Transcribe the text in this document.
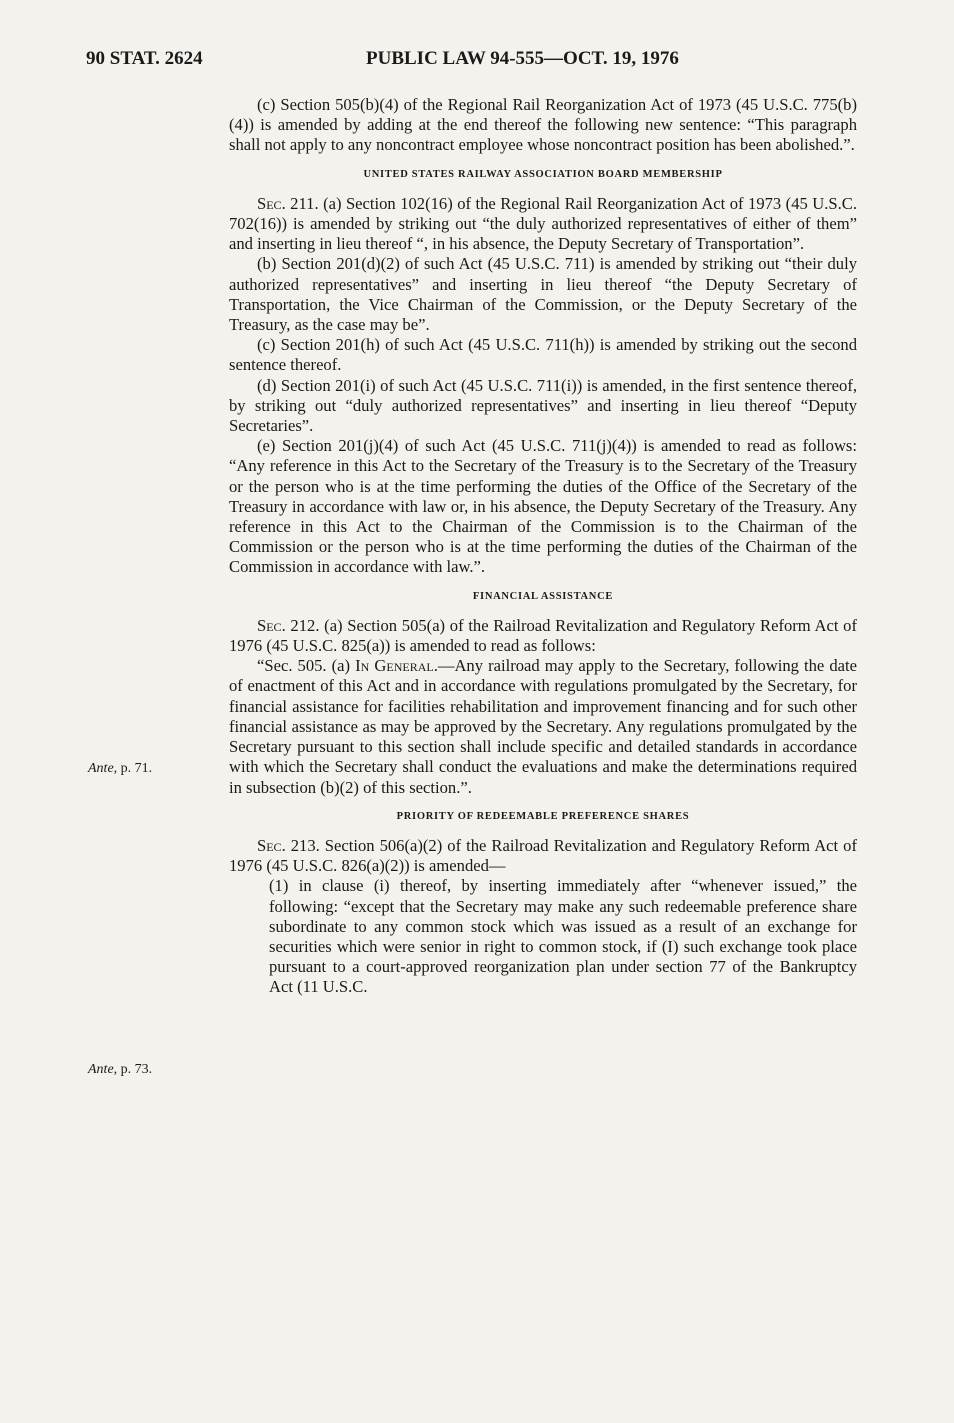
90 STAT. 2624	PUBLIC LAW 94-555—OCT. 19, 1976
Ante, p. 71.
Ante, p. 73.

(c) Section 505(b)(4) of the Regional Rail Reorganization Act of 1973 (45 U.S.C. 775(b)(4)) is amended by adding at the end thereof the following new sentence: “This paragraph shall not apply to any noncontract employee whose noncontract position has been abolished.”.

UNITED STATES RAILWAY ASSOCIATION BOARD MEMBERSHIP

Sec. 211. (a) Section 102(16) of the Regional Rail Reorganization Act of 1973 (45 U.S.C. 702(16)) is amended by striking out “the duly authorized representatives of either of them” and inserting in lieu thereof “, in his absence, the Deputy Secretary of Transportation”.

(b) Section 201(d)(2) of such Act (45 U.S.C. 711) is amended by striking out “their duly authorized representatives” and inserting in lieu thereof “the Deputy Secretary of Transportation, the Vice Chairman of the Commission, or the Deputy Secretary of the Treasury, as the case may be”.

(c) Section 201(h) of such Act (45 U.S.C. 711(h)) is amended by striking out the second sentence thereof.

(d) Section 201(i) of such Act (45 U.S.C. 711(i)) is amended, in the first sentence thereof, by striking out “duly authorized representatives” and inserting in lieu thereof “Deputy Secretaries”.

(e) Section 201(j)(4) of such Act (45 U.S.C. 711(j)(4)) is amended to read as follows: “Any reference in this Act to the Secretary of the Treasury is to the Secretary of the Treasury or the person who is at the time performing the duties of the Office of the Secretary of the Treasury in accordance with law or, in his absence, the Deputy Secretary of the Treasury. Any reference in this Act to the Chairman of the Commission is to the Chairman of the Commission or the person who is at the time performing the duties of the Chairman of the Commission in accordance with law.”.

FINANCIAL ASSISTANCE

Sec. 212. (a) Section 505(a) of the Railroad Revitalization and Regulatory Reform Act of 1976 (45 U.S.C. 825(a)) is amended to read as follows:

“Sec. 505. (a) In General.—Any railroad may apply to the Secretary, following the date of enactment of this Act and in accordance with regulations promulgated by the Secretary, for financial assistance for facilities rehabilitation and improvement financing and for such other financial assistance as may be approved by the Secretary. Any regulations promulgated by the Secretary pursuant to this section shall include specific and detailed standards in accordance with which the Secretary shall conduct the evaluations and make the determinations required in subsection (b)(2) of this section.”.

PRIORITY OF REDEEMABLE PREFERENCE SHARES

Sec. 213. Section 506(a)(2) of the Railroad Revitalization and Regulatory Reform Act of 1976 (45 U.S.C. 826(a)(2)) is amended—

(1) in clause (i) thereof, by inserting immediately after “whenever issued,” the following: “except that the Secretary may make any such redeemable preference share subordinate to any common stock which was issued as a result of an exchange for securities which were senior in right to common stock, if (I) such exchange took place pursuant to a court-approved reorganization plan under section 77 of the Bankruptcy Act (11 U.S.C.
